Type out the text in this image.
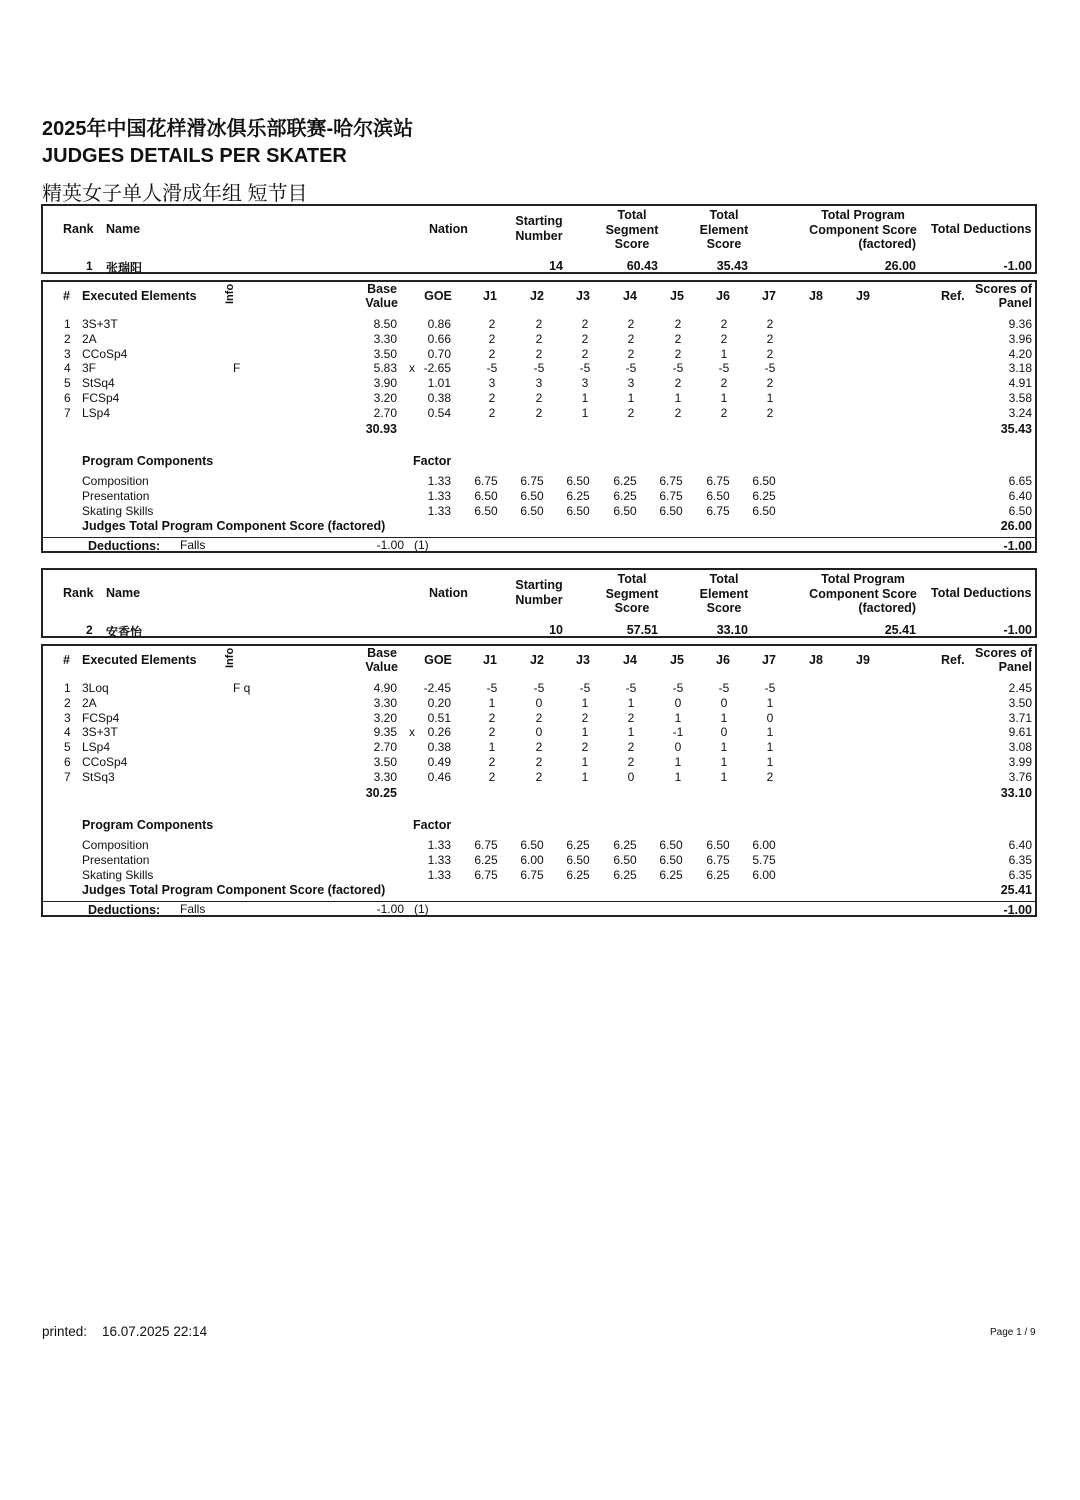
2025年中国花样滑冰俱乐部联赛-哈尔滨站
JUDGES DETAILS PER SKATER
精英女子单人滑成年组 短节目
Rank Name	Nation
Starting Number
Total
Segment
Score
Total
Element
Score
Total Program
Component Score
(factored)
Total Deductions
1 张瑞阳	14	60.43	35.43	26.00	-1.00
# Executed Elements Info	Base
Value	GOE	J1	J2	J3	J4	J5	J6	J7	J8	J9	Ref. Scores of
Panel
1 3S+3T	8.50	0.86	2	2	2	2	2	2	2	9.36
2 2A	3.30	0.66	2	2	2	2	2	2	2	3.96
3 CCoSp4	3.50	0.70	2	2	2	2	2	1	2	4.20
4 3F	F	5.83	x -2.65	-5	-5	-5	-5	-5	-5	-5	3.18
5 StSq4	3.90	1.01	3	3	3	3	2	2	2	4.91
6 FCSp4	3.20	0.38	2	2	1	1	1	1	1	3.58
7 LSp4	2.70	0.54	2	2	1	2	2	2	2	3.24
30.93	35.43
Program Components	Factor
Composition	1.33	6.75	6.75	6.50	6.25	6.75	6.75	6.50	6.65
Presentation	1.33	6.50	6.50	6.25	6.25	6.75	6.50	6.25	6.40
Skating Skills	1.33	6.50	6.50	6.50	6.50	6.50	6.75	6.50	6.50
Judges Total Program Component Score (factored)	26.00
Deductions: Falls	-1.00 (1)	-1.00
Rank Name	Nation
Starting Number
Total
Segment
Score
Total
Element
Score
Total Program
Component Score
(factored)
Total Deductions
2 安香怡	10	57.51	33.10	25.41	-1.00
# Executed Elements Info	Base
Value	GOE	J1	J2	J3	J4	J5	J6	J7	J8	J9	Ref. Scores of
Panel
1 3Loq	F q	4.90	-2.45	-5	-5	-5	-5	-5	-5	-5	2.45
2 2A	3.30	0.20	1	0	1	1	0	0	1	3.50
3 FCSp4	3.20	0.51	2	2	2	2	1	1	0	3.71
4 3S+3T	9.35	x	0.26	2	0	1	1	-1	0	1	9.61
5 LSp4	2.70	0.38	1	2	2	2	0	1	1	3.08
6 CCoSp4	3.50	0.49	2	2	1	2	1	1	1	3.99
7 StSq3	3.30	0.46	2	2	1	0	1	1	2	3.76
30.25	33.10
Program Components	Factor
Composition	1.33	6.75	6.50	6.25	6.25	6.50	6.50	6.00	6.40
Presentation	1.33	6.25	6.00	6.50	6.50	6.50	6.75	5.75	6.35
Skating Skills	1.33	6.75	6.75	6.25	6.25	6.25	6.25	6.00	6.35
Judges Total Program Component Score (factored)	25.41
Deductions: Falls	-1.00 (1)	-1.00
printed: 16.07.2025 22:14	Page 1 / 9
